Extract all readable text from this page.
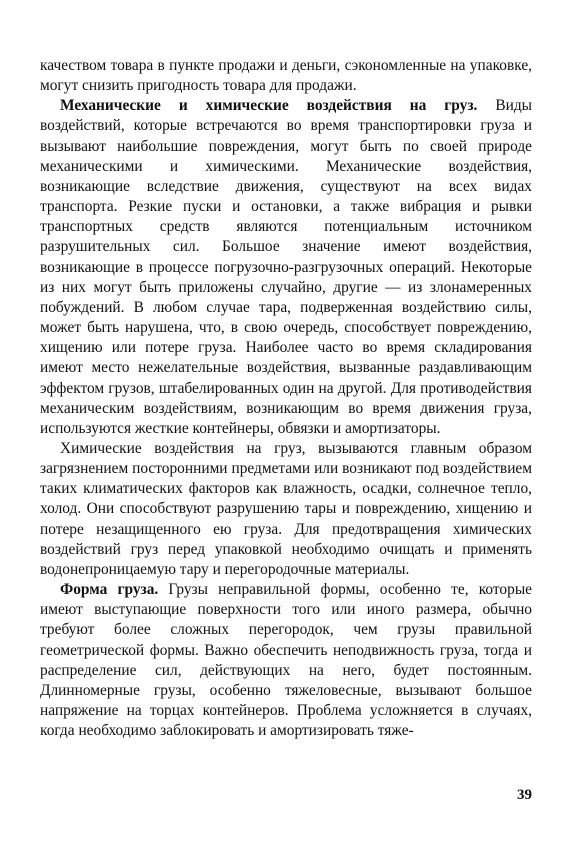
качеством товара в пункте продажи и деньги, сэкономленные на упаковке, могут снизить пригодность товара для продажи.

Механические и химические воздействия на груз. Виды воздействий, которые встречаются во время транспортировки груза и вызывают наибольшие повреждения, могут быть по своей природе механическими и химическими. Механические воздействия, возникающие вследствие движения, существуют на всех видах транспорта. Резкие пуски и остановки, а также вибрация и рывки транспортных средств являются потенциальным источником разрушительных сил. Большое значение имеют воздействия, возникающие в процессе погрузочно-разгрузочных операций. Некоторые из них могут быть приложены случайно, другие — из злонамеренных побуждений. В любом случае тара, подверженная воздействию силы, может быть нарушена, что, в свою очередь, способствует повреждению, хищению или потере груза. Наиболее часто во время складирования имеют место нежелательные воздействия, вызванные раздавливающим эффектом грузов, штабелированных один на другой. Для противодействия механическим воздействиям, возникающим во время движения груза, используются жесткие контейнеры, обвязки и амортизаторы.

Химические воздействия на груз, вызываются главным образом загрязнением посторонними предметами или возникают под воздействием таких климатических факторов как влажность, осадки, солнечное тепло, холод. Они способствуют разрушению тары и повреждению, хищению и потере незащищенного ею груза. Для предотвращения химических воздействий груз перед упаковкой необходимо очищать и применять водонепроницаемую тару и перегородочные материалы.

Форма груза. Грузы неправильной формы, особенно те, которые имеют выступающие поверхности того или иного размера, обычно требуют более сложных перегородок, чем грузы правильной геометрической формы. Важно обеспечить неподвижность груза, тогда и распределение сил, действующих на него, будет постоянным. Длинномерные грузы, особенно тяжеловесные, вызывают большое напряжение на торцах контейнеров. Проблема усложняется в случаях, когда необходимо заблокировать и амортизировать тяже-

39
